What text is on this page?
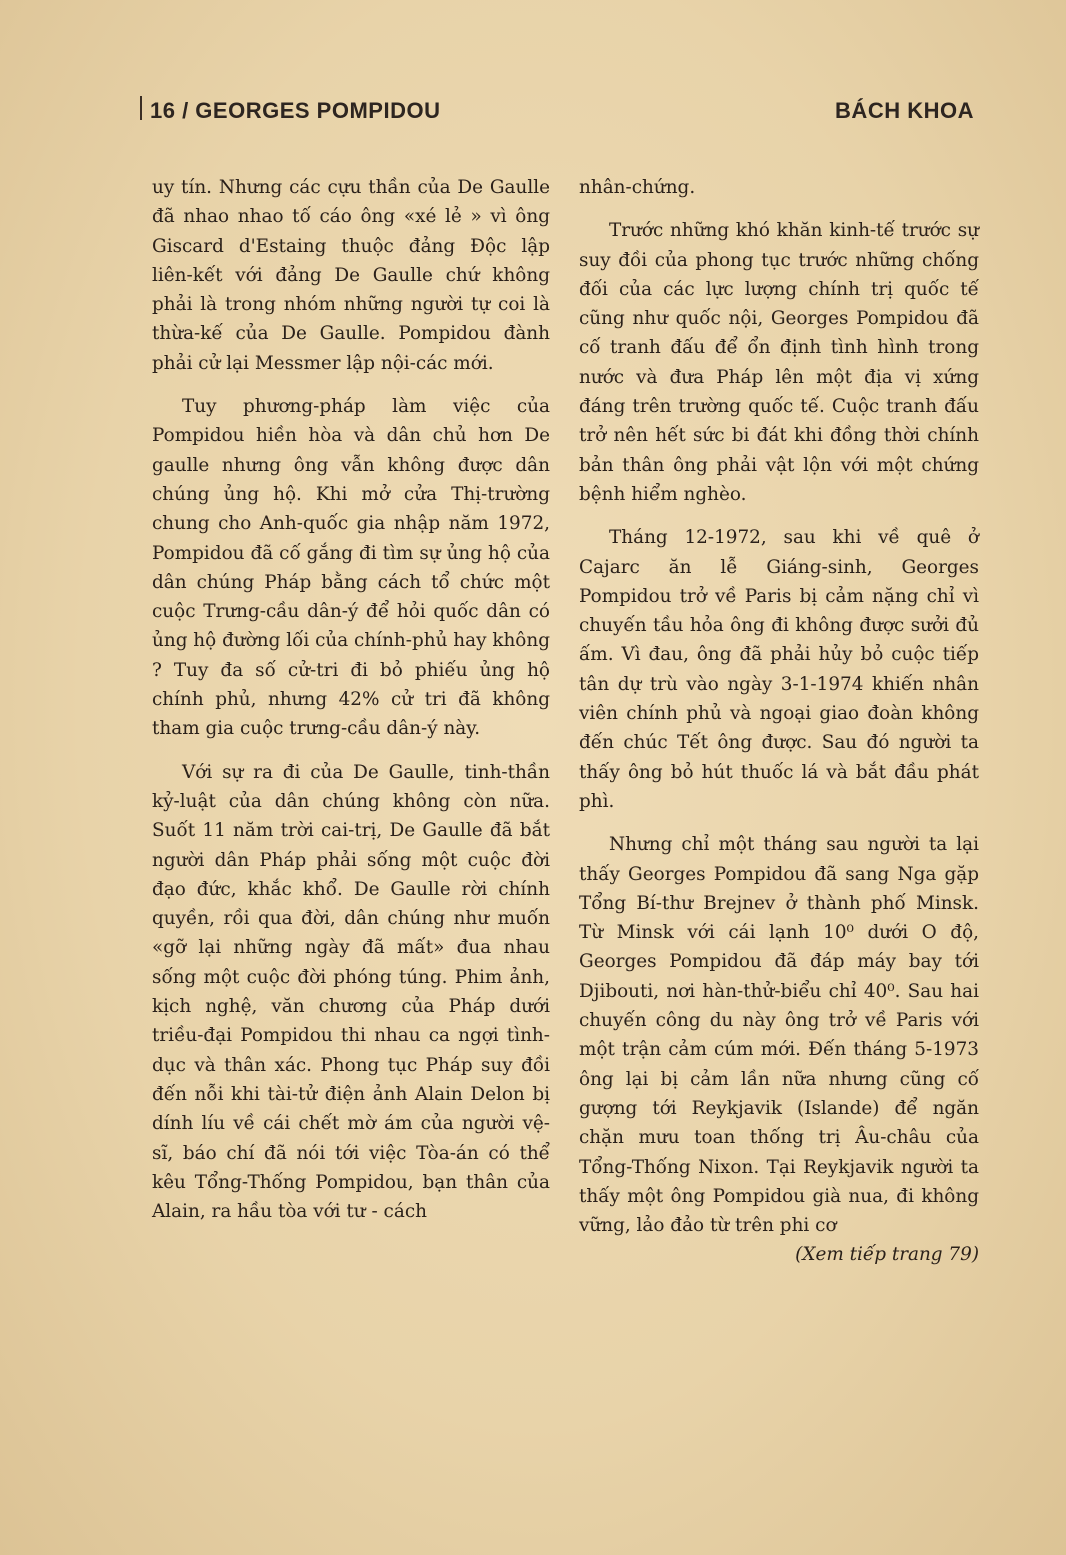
16 / GEORGES POMPIDOU	BÁCH KHOA

uy tín. Nhưng các cựu thần của De Gaulle đã nhao nhao tố cáo ông «xé lẻ » vì ông Giscard d'Estaing thuộc đảng Độc lập liên-kết với đảng De Gaulle chứ không phải là trong nhóm những người tự coi là thừa-kế của De Gaulle. Pompidou đành phải cử lại Messmer lập nội-các mới.

Tuy phương-pháp làm việc của Pompidou hiền hòa và dân chủ hơn De gaulle nhưng ông vẫn không được dân chúng ủng hộ. Khi mở cửa Thị-trường chung cho Anh-quốc gia nhập năm 1972, Pompidou đã cố gắng đi tìm sự ủng hộ của dân chúng Pháp bằng cách tổ chức một cuộc Trưng-cầu dân-ý để hỏi quốc dân có ủng hộ đường lối của chính-phủ hay không ? Tuy đa số cử-tri đi bỏ phiếu ủng hộ chính phủ, nhưng 42% cử tri đã không tham gia cuộc trưng-cầu dân-ý này.

Với sự ra đi của De Gaulle, tinh-thần kỷ-luật của dân chúng không còn nữa. Suốt 11 năm trời cai-trị, De Gaulle đã bắt người dân Pháp phải sống một cuộc đời đạo đức, khắc khổ. De Gaulle rời chính quyền, rồi qua đời, dân chúng như muốn «gỡ lại những ngày đã mất» đua nhau sống một cuộc đời phóng túng. Phim ảnh, kịch nghệ, văn chương của Pháp dưới triều-đại Pompidou thi nhau ca ngợi tình-dục và thân xác. Phong tục Pháp suy đồi đến nỗi khi tài-tử điện ảnh Alain Delon bị dính líu về cái chết mờ ám của người vệ-sĩ, báo chí đã nói tới việc Tòa-án có thể kêu Tổng-Thống Pompidou, bạn thân của Alain, ra hầu tòa với tư - cách

nhân-chứng.

Trước những khó khăn kinh-tế trước sự suy đồi của phong tục trước những chống đối của các lực lượng chính trị quốc tế cũng như quốc nội, Georges Pompidou đã cố tranh đấu để ổn định tình hình trong nước và đưa Pháp lên một địa vị xứng đáng trên trường quốc tế. Cuộc tranh đấu trở nên hết sức bi đát khi đồng thời chính bản thân ông phải vật lộn với một chứng bệnh hiểm nghèo.

Tháng 12-1972, sau khi về quê ở Cajarc ăn lễ Giáng-sinh, Georges Pompidou trở về Paris bị cảm nặng chỉ vì chuyến tầu hỏa ông đi không được sưởi đủ ấm. Vì đau, ông đã phải hủy bỏ cuộc tiếp tân dự trù vào ngày 3-1-1974 khiến nhân viên chính phủ và ngoại giao đoàn không đến chúc Tết ông được. Sau đó người ta thấy ông bỏ hút thuốc lá và bắt đầu phát phì.

Nhưng chỉ một tháng sau người ta lại thấy Georges Pompidou đã sang Nga gặp Tổng Bí-thư Brejnev ở thành phố Minsk. Từ Minsk với cái lạnh 10⁰ dưới O độ, Georges Pompidou đã đáp máy bay tới Djibouti, nơi hàn-thử-biểu chỉ 40⁰. Sau hai chuyến công du này ông trở về Paris với một trận cảm cúm mới. Đến tháng 5-1973 ông lại bị cảm lần nữa nhưng cũng cố gượng tới Reykjavik (Islande) để ngăn chặn mưu toan thống trị Âu-châu của Tổng-Thống Nixon. Tại Reykjavik người ta thấy một ông Pompidou già nua, đi không vững, lảo đảo từ trên phi cơ

(Xem tiếp trang 79)
